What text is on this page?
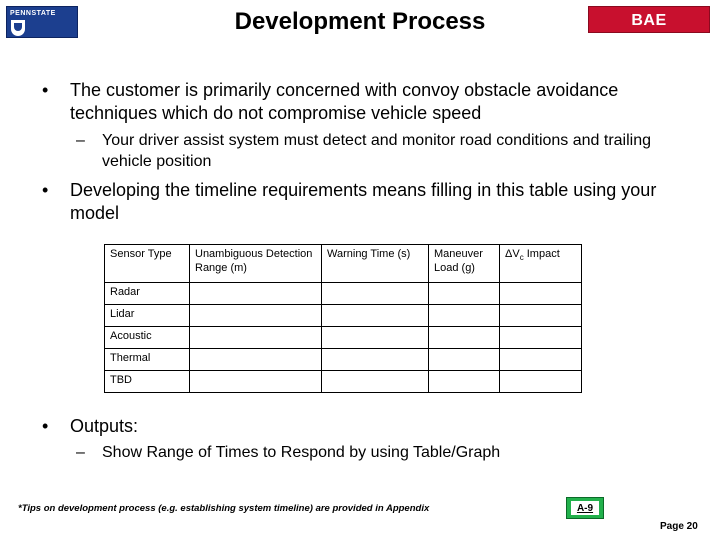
PENNSTATE	Development Process	BAE SYSTEMS
• The customer is primarily concerned with convoy obstacle avoidance techniques which do not compromise vehicle speed
– Your driver assist system must detect and monitor road conditions and trailing vehicle position
• Developing the timeline requirements means filling in this table using your model
Sensor Type	Unambiguous Detection Range (m)	Warning Time (s)	Maneuver Load (g)	$\Delta V_c$ Impact
Radar				
Lidar				
Acoustic				
Thermal				
TBD				
• Outputs:
– Show Range of Times to Respond by using Table/Graph
*Tips on development process (e.g. establishing system timeline) are provided in Appendix	A-9
Page 20
